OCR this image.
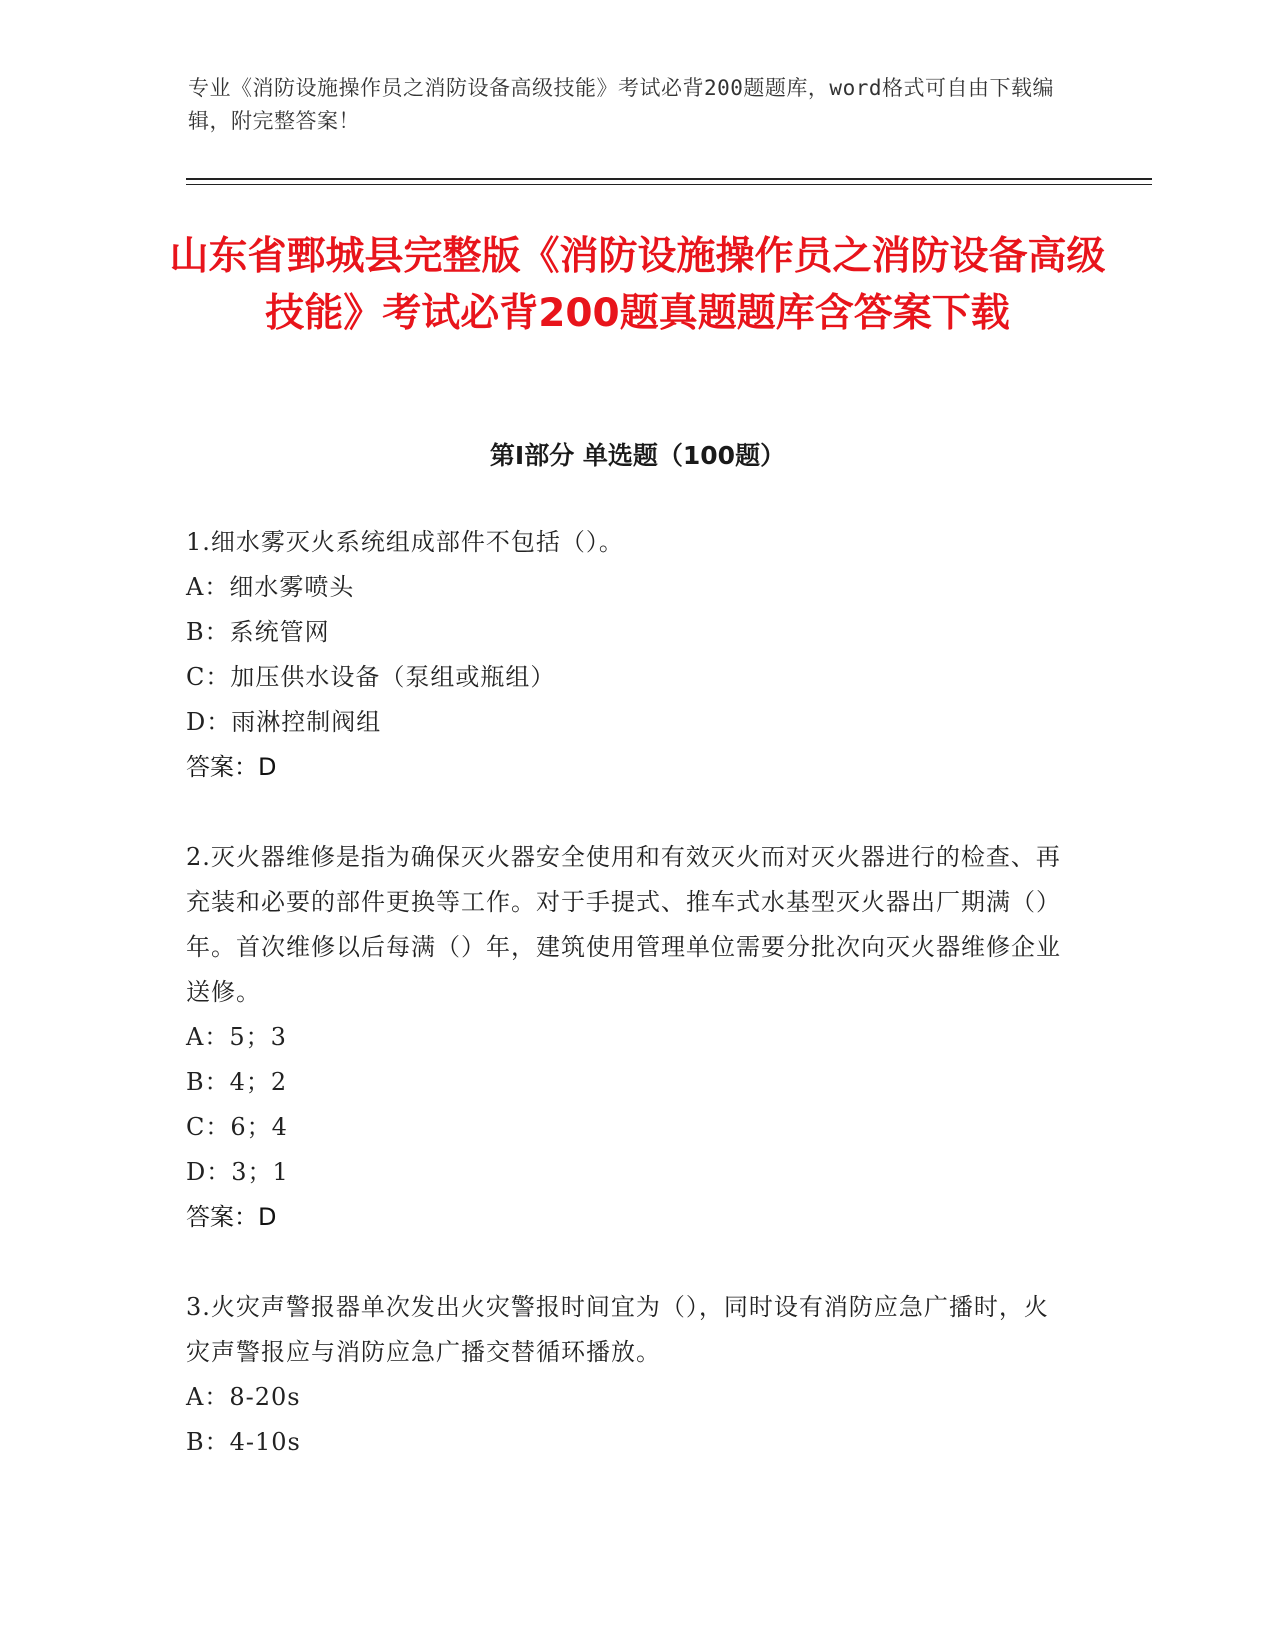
专业《消防设施操作员之消防设备高级技能》考试必背200题题库，word格式可自由下载编辑，附完整答案！
山东省鄄城县完整版《消防设施操作员之消防设备高级技能》考试必背200题真题题库含答案下载
第Ⅰ部分 单选题（100题）
1.细水雾灭火系统组成部件不包括（）。
A：细水雾喷头
B：系统管网
C：加压供水设备（泵组或瓶组）
D：雨淋控制阀组
答案：D
2.灭火器维修是指为确保灭火器安全使用和有效灭火而对灭火器进行的检查、再充装和必要的部件更换等工作。对于手提式、推车式水基型灭火器出厂期满（）年。首次维修以后每满（）年，建筑使用管理单位需要分批次向灭火器维修企业送修。
A：5；3
B：4；2
C：6；4
D：3；1
答案：D
3.火灾声警报器单次发出火灾警报时间宜为（），同时设有消防应急广播时，火灾声警报应与消防应急广播交替循环播放。
A：8-20s
B：4-10s
